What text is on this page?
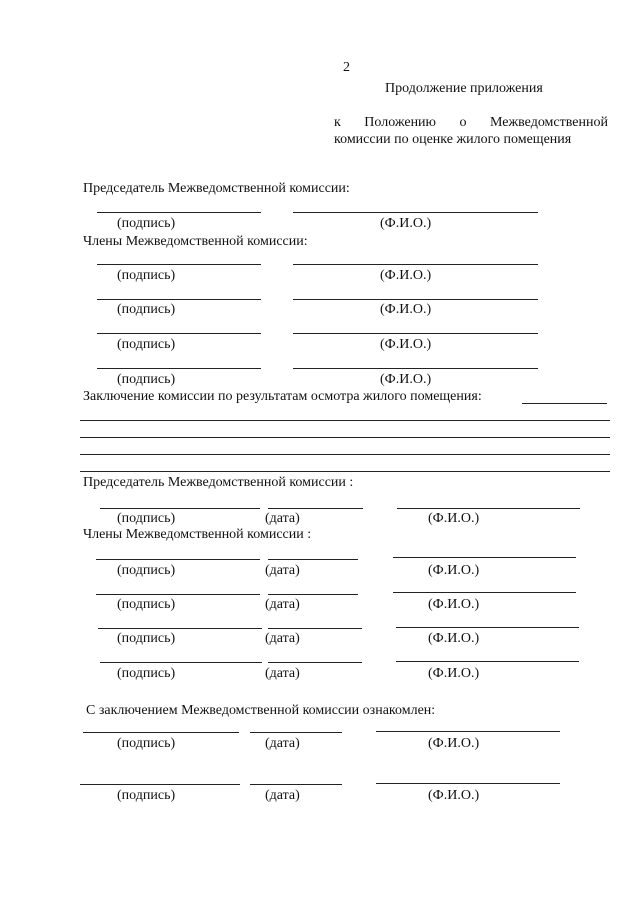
2
Продолжение приложения
к Положению о Межведомственной
комиссии по оценке жилого помещения
Председатель Межведомственной комиссии:
(подпись)	(Ф.И.О.)
Члены Межведомственной комиссии:
(подпись)	(Ф.И.О.)
(подпись)	(Ф.И.О.)
(подпись)	(Ф.И.О.)
(подпись)	(Ф.И.О.)
Заключение комиссии по результатам осмотра жилого помещения:
Председатель Межведомственной комиссии :
(подпись)	(дата)	(Ф.И.О.)
Члены Межведомственной комиссии :
(подпись)	(дата)	(Ф.И.О.)
(подпись)	(дата)	(Ф.И.О.)
(подпись)	(дата)	(Ф.И.О.)
(подпись)	(дата)	(Ф.И.О.)
С заключением Межведомственной комиссии ознакомлен:
(подпись)	(дата)	(Ф.И.О.)
(подпись)	(дата)	(Ф.И.О.)
